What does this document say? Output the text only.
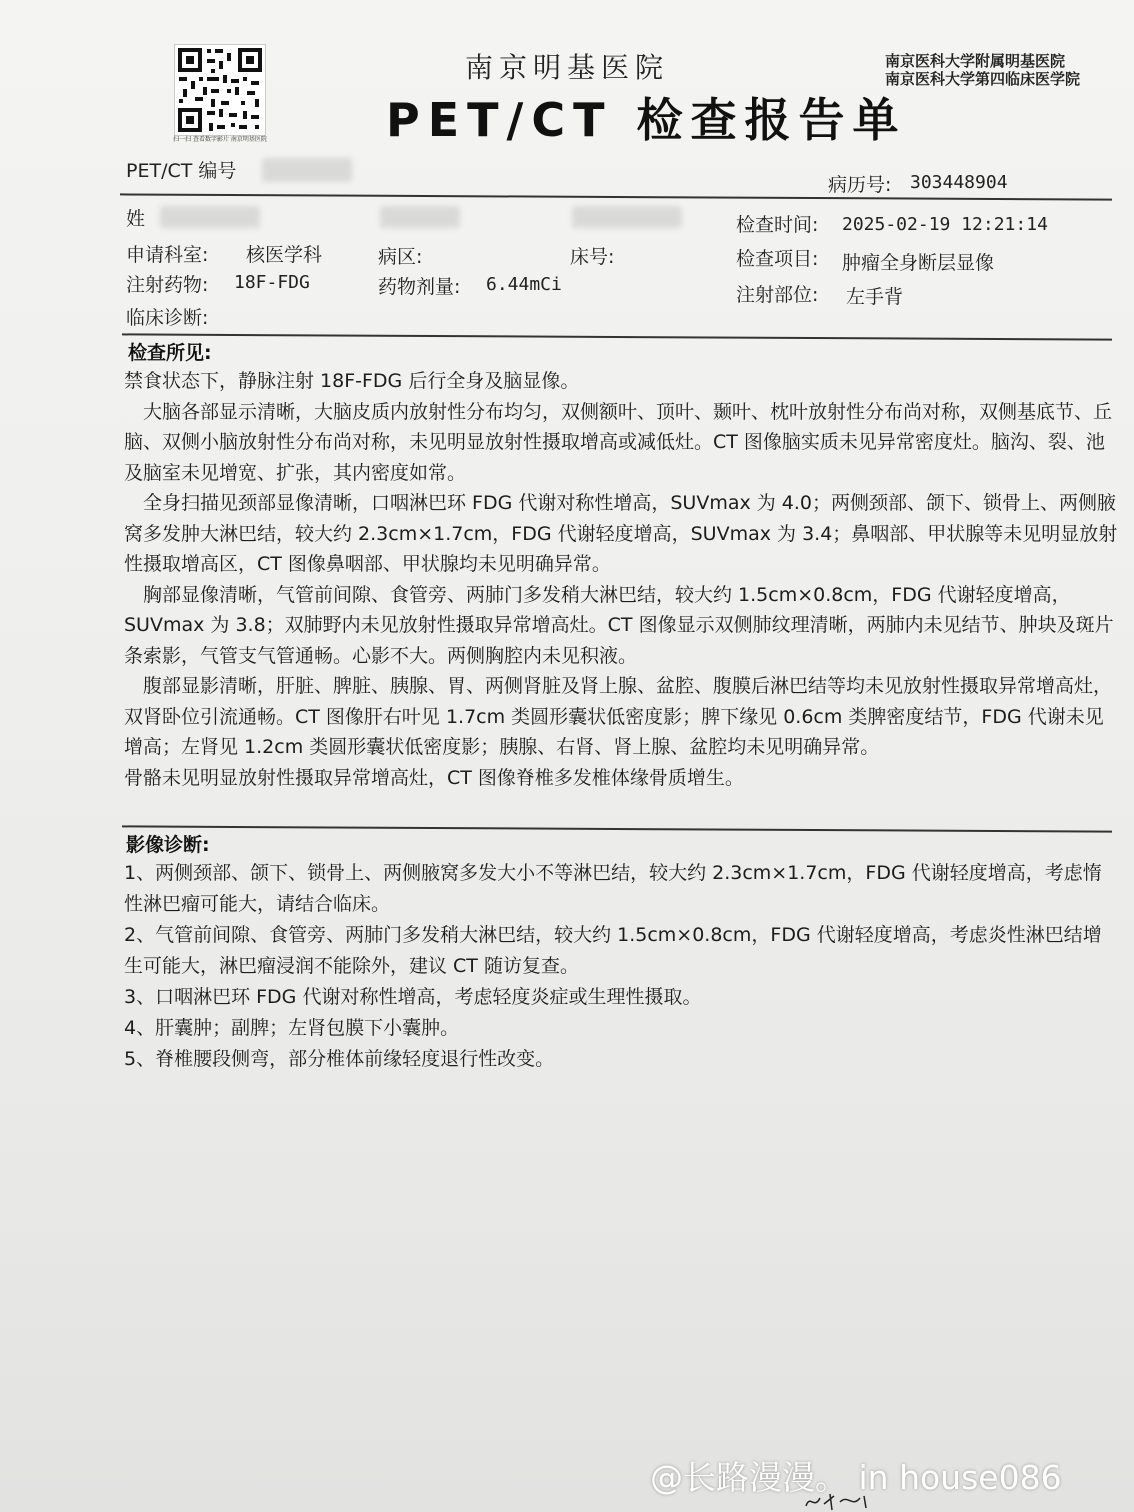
扫一扫 查看数字影片 南京明基医院
南京明基医院
PET/CT 检查报告单
南京医科大学附属明基医院
南京医科大学第四临床医学院
PET/CT 编号
病历号: 303448904
姓	检查时间: 2025-02-19 12:21:14
申请科室: 核医学科	病区:	床号:	检查项目: 肿瘤全身断层显像
注射药物: 18F-FDG	药物剂量: 6.44mCi	注射部位: 左手背
临床诊断:
检查所见:

禁食状态下，静脉注射 18F-FDG 后行全身及脑显像。

大脑各部显示清晰，大脑皮质内放射性分布均匀，双侧额叶、顶叶、颞叶、枕叶放射性分布尚对称，双侧基底节、丘脑、双侧小脑放射性分布尚对称，未见明显放射性摄取增高或减低灶。CT 图像脑实质未见异常密度灶。脑沟、裂、池及脑室未见增宽、扩张，其内密度如常。

全身扫描见颈部显像清晰，口咽淋巴环 FDG 代谢对称性增高，SUVmax 为 4.0；两侧颈部、颌下、锁骨上、两侧腋窝多发肿大淋巴结，较大约 2.3cm×1.7cm，FDG 代谢轻度增高，SUVmax 为 3.4；鼻咽部、甲状腺等未见明显放射性摄取增高区，CT 图像鼻咽部、甲状腺均未见明确异常。

胸部显像清晰，气管前间隙、食管旁、两肺门多发稍大淋巴结，较大约 1.5cm×0.8cm，FDG 代谢轻度增高，SUVmax 为 3.8；双肺野内未见放射性摄取异常增高灶。CT 图像显示双侧肺纹理清晰，两肺内未见结节、肿块及斑片条索影，气管支气管通畅。心影不大。两侧胸腔内未见积液。

腹部显影清晰，肝脏、脾脏、胰腺、胃、两侧肾脏及肾上腺、盆腔、腹膜后淋巴结等均未见放射性摄取异常增高灶，双肾卧位引流通畅。CT 图像肝右叶见 1.7cm 类圆形囊状低密度影；脾下缘见 0.6cm 类脾密度结节，FDG 代谢未见增高；左肾见 1.2cm 类圆形囊状低密度影；胰腺、右肾、肾上腺、盆腔均未见明确异常。

骨骼未见明显放射性摄取异常增高灶，CT 图像脊椎多发椎体缘骨质增生。

影像诊断:

1、两侧颈部、颌下、锁骨上、两侧腋窝多发大小不等淋巴结，较大约 2.3cm×1.7cm，FDG 代谢轻度增高，考虑惰性淋巴瘤可能大，请结合临床。

2、气管前间隙、食管旁、两肺门多发稍大淋巴结，较大约 1.5cm×0.8cm，FDG 代谢轻度增高，考虑炎性淋巴结增生可能大，淋巴瘤浸润不能除外，建议 CT 随访复查。

3、口咽淋巴环 FDG 代谢对称性增高，考虑轻度炎症或生理性摄取。

4、肝囊肿；副脾；左肾包膜下小囊肿。

5、脊椎腰段侧弯，部分椎体前缘轻度退行性改变。

@长路漫漫。 in house086
